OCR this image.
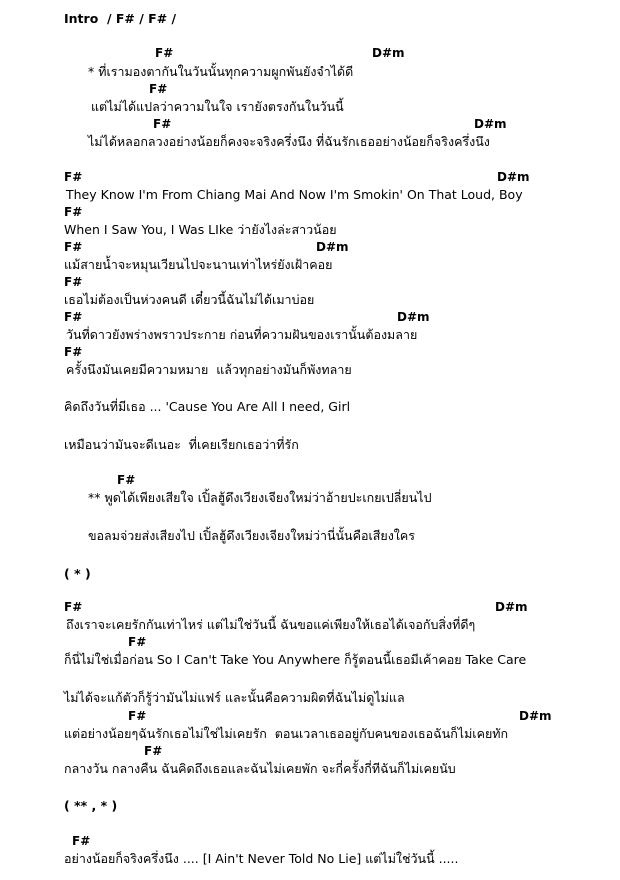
Intro  / F# / F# /
F#	D#m
* ที่เรามองตากันในวันนั้นทุกความผูกพันยังจำได้ดี
F#
แต่ไม่ได้แปลว่าความในใจ เรายังตรงกันในวันนี้
F#	D#m
ไม่ได้หลอกลวงอย่างน้อยก็คงจะจริงครึ่งนึง ที่ฉันรักเธออย่างน้อยก็จริงครึ่งนึง
F#	D#m
They Know I'm From Chiang Mai And Now I'm Smokin' On That Loud, Boy
F#
When I Saw You, I Was LIke ว่ายังไงล่ะสาวน้อย
F#	D#m
แม้สายน้ำจะหมุนเวียนไปจะนานเท่าไหร่ยังเฝ้าคอย
F#
เธอไม่ต้องเป็นห่วงคนดี เดี๋ยวนี้ฉันไม่ได้เมาบ่อย
F#	D#m
วันที่ดาวยังพร่างพราวประกาย ก่อนที่ความฝันของเรานั้นต้องมลาย
F#
ครั้งนึงมันเคยมีความหมาย  แล้วทุกอย่างมันก็พังทลาย
คิดถึงวันที่มีเธอ ... 'Cause You Are All I need, Girl
เหมือนว่ามันจะดีเนอะ  ที่เคยเรียกเธอว่าที่รัก
F#
** พูดได้เพียงเสียใจ เปิ้ลฮู้ดึงเวียงเจียงใหม่ว่าอ้ายปะเกยเปลี่ยนไป
ขอลมจ่วยส่งเสียงไป เปิ้ลฮู้ดึงเวียงเจียงใหม่ว่านี่นั้นคือเสียงใคร
( * )
F#	D#m
ถึงเราจะเคยรักกันเท่าไหร่ แต่ไม่ใช่วันนี้ ฉันขอแค่เพียงให้เธอได้เจอกับสิ่งที่ดีๆ
F#
ก็นี่ไม่ใช่เมื่อก่อน So I Can't Take You Anywhere ก็รู้ตอนนี้เธอมีเค้าคอย Take Care
ไม่ได้จะแก้ตัวก็รู้ว่ามันไม่แฟร์ และนั้นคือความผิดที่ฉันไม่ดูไม่แล
F#	D#m
แต่อย่างน้อยๆฉันรักเธอไม่ใช่ไม่เคยรัก  ตอนเวลาเธออยู่กับคนของเธอฉันก็ไม่เคยทัก
F#
กลางวัน กลางคืน ฉันคิดถึงเธอและฉันไม่เคยพัก จะกี่ครั้งกี่ทีฉันก็ไม่เคยนับ
( ** , * )
F#
อย่างน้อยก็จริงครึ่งนึง .... [I Ain't Never Told No Lie] แต่ไม่ใช่วันนี้ .....
